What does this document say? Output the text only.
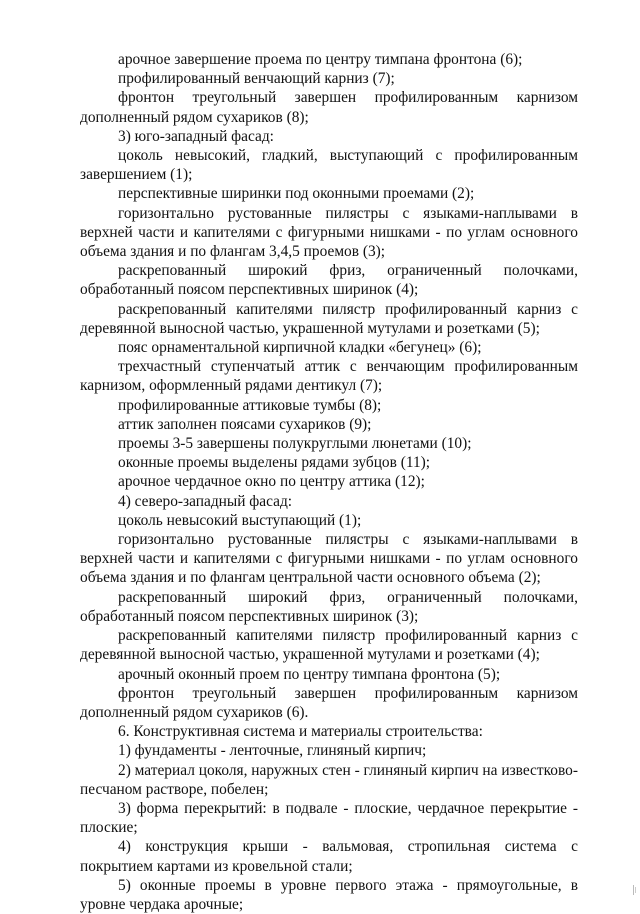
арочное завершение проема по центру тимпана фронтона (6);

профилированный венчающий карниз (7);

фронтон треугольный завершен профилированным карнизом дополненный рядом сухариков (8);

3) юго-западный фасад:

цоколь невысокий, гладкий, выступающий с профилированным завершением (1);

перспективные ширинки под оконными проемами (2);

горизонтально рустованные пилястры с языками-наплывами в верхней части и капителями с фигурными нишками - по углам основного объема здания и по флангам 3,4,5 проемов (3);

раскрепованный широкий фриз, ограниченный полочками, обработанный поясом перспективных ширинок (4);

раскрепованный капителями пилястр профилированный карниз с деревянной выносной частью, украшенной мутулами и розетками (5);

пояс орнаментальной кирпичной кладки «бегунец» (6);

трехчастный ступенчатый аттик с венчающим профилированным карнизом, оформленный рядами дентикул (7);

профилированные аттиковые тумбы (8);

аттик заполнен поясами сухариков (9);

проемы 3-5 завершены полукруглыми люнетами (10);

оконные проемы выделены рядами зубцов (11);

арочное чердачное окно по центру аттика (12);

4) северо-западный фасад:

цоколь невысокий выступающий (1);

горизонтально рустованные пилястры с языками-наплывами в верхней части и капителями с фигурными нишками - по углам основного объема здания и по флангам центральной части основного объема (2);

раскрепованный широкий фриз, ограниченный полочками, обработанный поясом перспективных ширинок (3);

раскрепованный капителями пилястр профилированный карниз с деревянной выносной частью, украшенной мутулами и розетками (4);

арочный оконный проем по центру тимпана фронтона (5);

фронтон треугольный завершен профилированным карнизом дополненный рядом сухариков (6).

6. Конструктивная система и материалы строительства:

1) фундаменты - ленточные, глиняный кирпич;

2) материал цоколя, наружных стен - глиняный кирпич на известково-песчаном растворе, побелен;

3) форма перекрытий: в подвале - плоские, чердачное перекрытие - плоские;

4) конструкция крыши - вальмовая, стропильная система с покрытием картами из кровельной стали;

5) оконные проемы в уровне первого этажа - прямоугольные, в уровне чердака арочные;
